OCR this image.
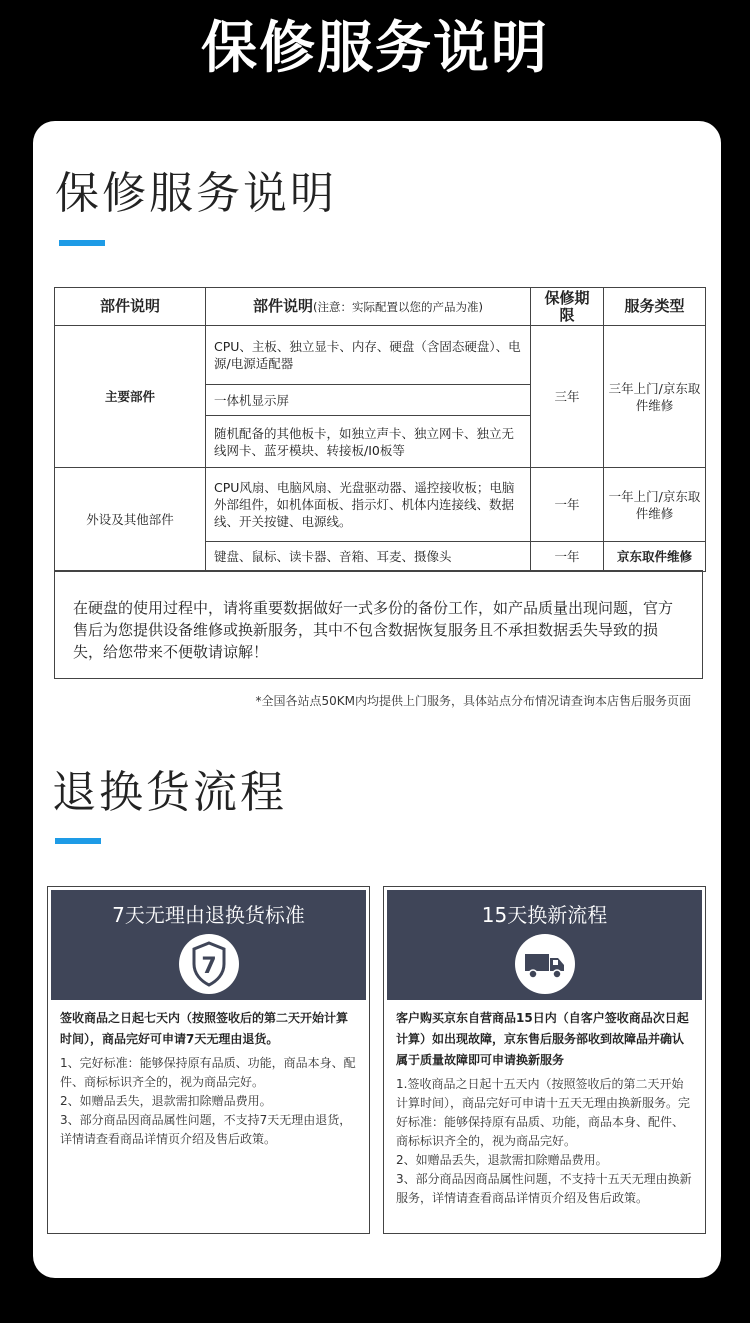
保修服务说明
保修服务说明
部件说明	部件说明(注意：实际配置以您的产品为准)	保修期限	服务类型
主要部件	CPU、主板、独立显卡、内存、硬盘（含固态硬盘）、电源/电源适配器	三年	三年上门/京东取件维修
	一体机显示屏		
	随机配备的其他板卡，如独立声卡、独立网卡、独立无线网卡、蓝牙模块、转接板/I0板等		
外设及其他部件	CPU风扇、电脑风扇、光盘驱动器、遥控接收板；电脑外部组件，如机体面板、指示灯、机体内连接线、数据线、开关按键、电源线。	一年	一年上门/京东取件维修
	键盘、鼠标、读卡器、音箱、耳麦、摄像头	一年	京东取件维修
在硬盘的使用过程中，请将重要数据做好一式多份的备份工作，如产品质量出现问题，官方售后为您提供设备维修或换新服务，其中不包含数据恢复服务且不承担数据丢失导致的损失，给您带来不便敬请谅解！
*全国各站点50KM内均提供上门服务，具体站点分布情况请查询本店售后服务页面
退换货流程
7天无理由退换货标准
7

签收商品之日起七天内（按照签收后的第二天开始计算时间），商品完好可申请7天无理由退货。

1、完好标准：能够保持原有品质、功能，商品本身、配件、商标标识齐全的，视为商品完好。

2、如赠品丢失，退款需扣除赠品费用。

3、部分商品因商品属性问题，不支持7天无理由退货，详情请查看商品详情页介绍及售后政策。

15天换新流程

客户购买京东自营商品15日内（自客户签收商品次日起计算）如出现故障，京东售后服务部收到故障品并确认属于质量故障即可申请换新服务

1.签收商品之日起十五天内（按照签收后的第二天开始计算时间），商品完好可申请十五天无理由换新服务。完好标准：能够保持原有品质、功能，商品本身、配件、商标标识齐全的，视为商品完好。

2、如赠品丢失，退款需扣除赠品费用。

3、部分商品因商品属性问题，不支持十五天无理由换新服务，详情请查看商品详情页介绍及售后政策。
